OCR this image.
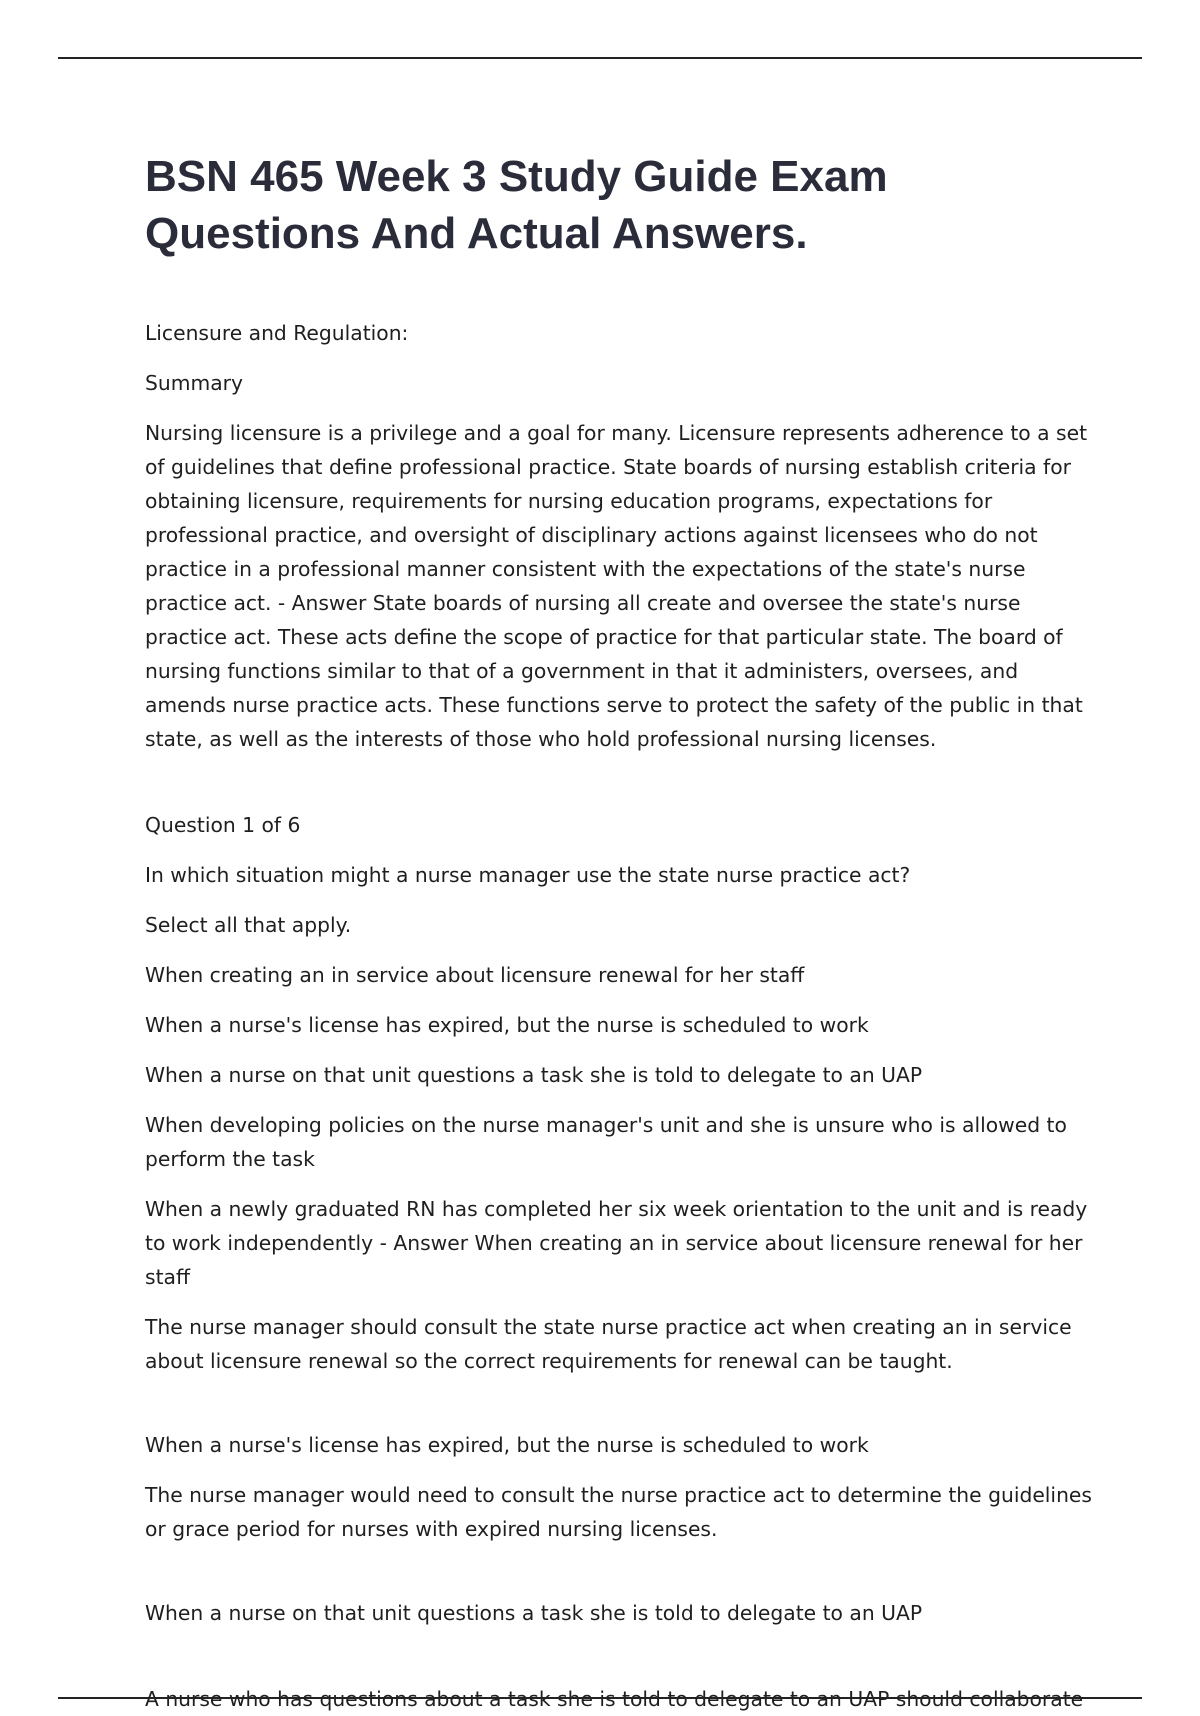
BSN 465 Week 3 Study Guide Exam Questions And Actual Answers.

Licensure and Regulation:

Summary

Nursing licensure is a privilege and a goal for many. Licensure represents adherence to a set of guidelines that define professional practice. State boards of nursing establish criteria for obtaining licensure, requirements for nursing education programs, expectations for professional practice, and oversight of disciplinary actions against licensees who do not practice in a professional manner consistent with the expectations of the state's nurse practice act. - Answer State boards of nursing all create and oversee the state's nurse practice act. These acts define the scope of practice for that particular state. The board of nursing functions similar to that of a government in that it administers, oversees, and amends nurse practice acts. These functions serve to protect the safety of the public in that state, as well as the interests of those who hold professional nursing licenses.

Question 1 of 6

In which situation might a nurse manager use the state nurse practice act?

Select all that apply.

When creating an in service about licensure renewal for her staff

When a nurse's license has expired, but the nurse is scheduled to work

When a nurse on that unit questions a task she is told to delegate to an UAP

When developing policies on the nurse manager's unit and she is unsure who is allowed to perform the task

When a newly graduated RN has completed her six week orientation to the unit and is ready to work independently - Answer When creating an in service about licensure renewal for her staff

The nurse manager should consult the state nurse practice act when creating an in service about licensure renewal so the correct requirements for renewal can be taught.

When a nurse's license has expired, but the nurse is scheduled to work

The nurse manager would need to consult the nurse practice act to determine the guidelines or grace period for nurses with expired nursing licenses.

When a nurse on that unit questions a task she is told to delegate to an UAP

A nurse who has questions about a task she is told to delegate to an UAP should collaborate
